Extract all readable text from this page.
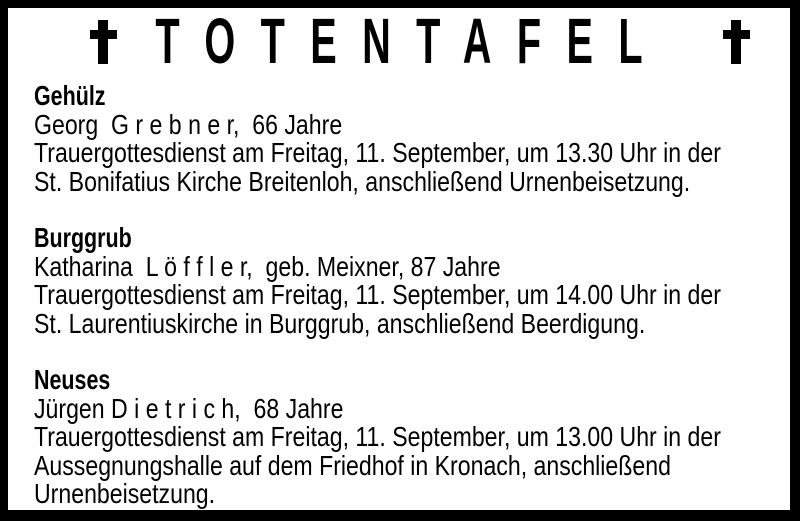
TOTENTAFEL
Gehülz
Georg  G r e b n e r,  66 Jahre
Trauergottesdienst am Freitag, 11. September, um 13.30 Uhr in der
St. Bonifatius Kirche Breitenloh, anschließend Urnenbeisetzung.
Burggrub
Katharina  L ö f f l e r,  geb. Meixner, 87 Jahre
Trauergottesdienst am Freitag, 11. September, um 14.00 Uhr in der
St. Laurentiuskirche in Burggrub, anschließend Beerdigung.
Neuses
Jürgen D i e t r i c h,  68 Jahre
Trauergottesdienst am Freitag, 11. September, um 13.00 Uhr in der
Aussegnungshalle auf dem Friedhof in Kronach, anschließend
Urnenbeisetzung.
